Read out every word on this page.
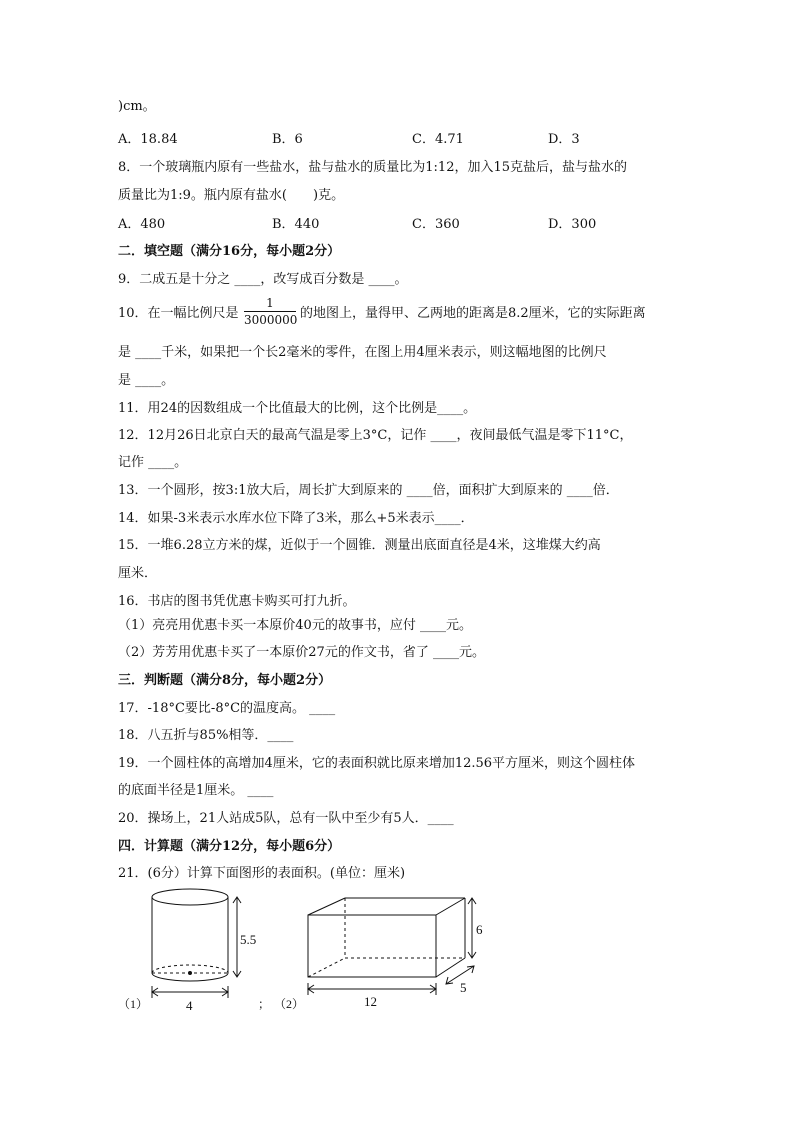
)cm。
A．18.84	B．6	C．4.71	D．3
8．一个玻璃瓶内原有一些盐水，盐与盐水的质量比为1:12，加入15克盐后，盐与盐水的
质量比为1:9。瓶内原有盐水(　　)克。
A．480	B．440	C．360	D．300
二．填空题（满分16分，每小题2分）
9．二成五是十分之 ____，改写成百分数是 ____。
10．在一幅比例尺是
1
3000000 的地图上，量得甲、乙两地的距离是8.2厘米，它的实际距离
是 ____千米，如果把一个长2毫米的零件，在图上用4厘米表示，则这幅地图的比例尺
是 ____。
11．用24的因数组成一个比值最大的比例，这个比例是____。
12．12月26日北京白天的最高气温是零上3°C，记作 ____，夜间最低气温是零下11°C，
记作 ____。
13．一个圆形，按3:1放大后，周长扩大到原来的 ____倍，面积扩大到原来的 ____倍．
14．如果-3米表示水库水位下降了3米，那么+5米表示____．
15．一堆6.28立方米的煤，近似于一个圆锥．测量出底面直径是4米，这堆煤大约高
厘米．
16．书店的图书凭优惠卡购买可打九折。
（1）亮亮用优惠卡买一本原价40元的故事书，应付 ____元。
（2）芳芳用优惠卡买了一本原价27元的作文书，省了 ____元。
三．判断题（满分8分，每小题2分）
17．-18°C要比-8°C的温度高。 ____
18．八五折与85%相等．____
19．一个圆柱体的高增加4厘米，它的表面积就比原来增加12.56平方厘米，则这个圆柱体
的底面半径是1厘米。 ____
20．操场上，21人站成5队，总有一队中至少有5人．____
四．计算题（满分12分，每小题6分）
21．(6分）计算下面图形的表面积。(单位：厘米)
5.5
4
（1）	；
6
5
12
（2）
